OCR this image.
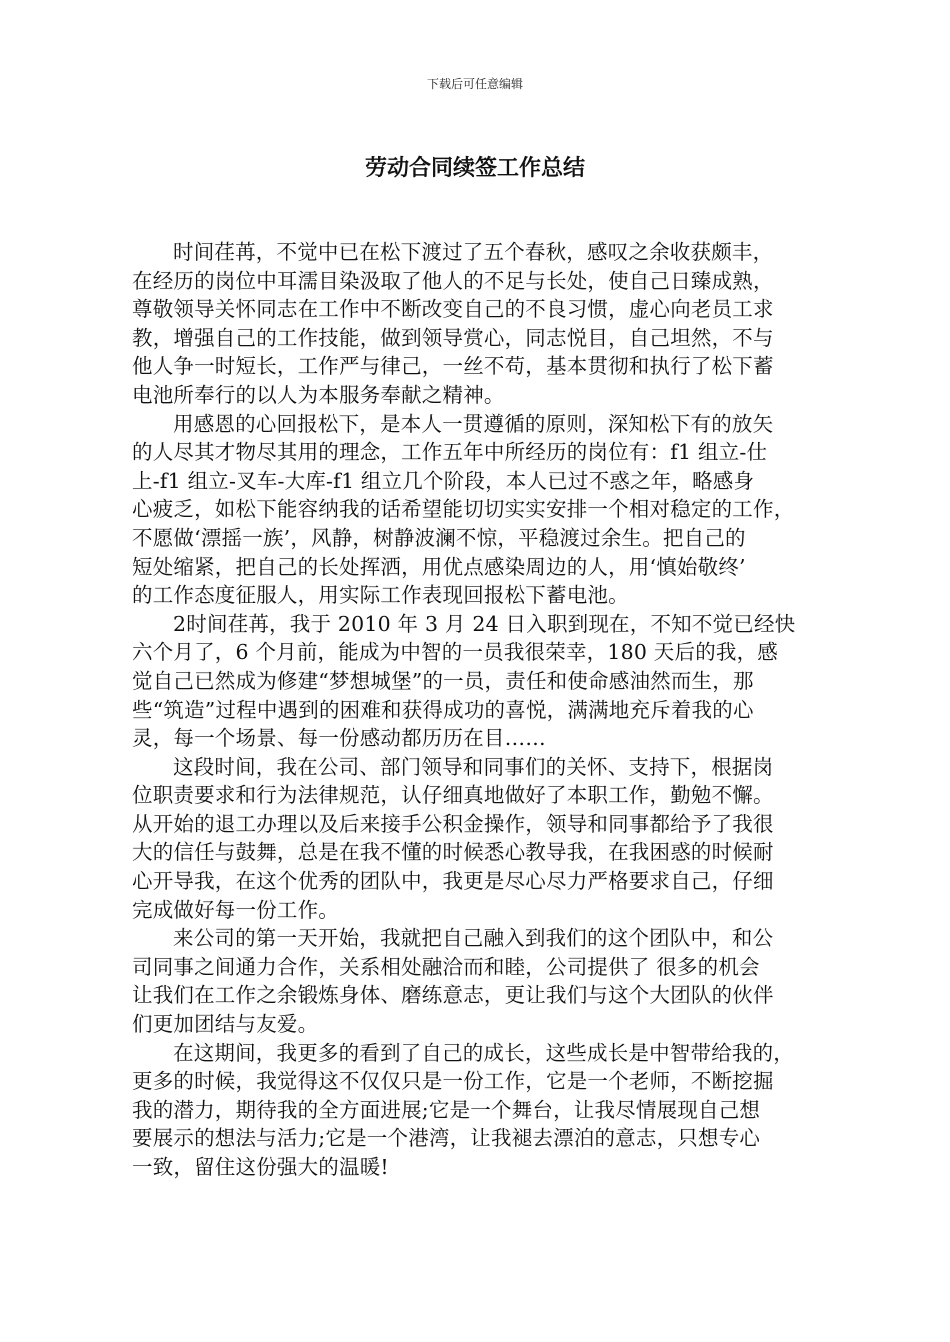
下载后可任意编辑
劳动合同续签工作总结
时间荏苒，不觉中已在松下渡过了五个春秋，感叹之余收获颇丰，
在经历的岗位中耳濡目染汲取了他人的不足与长处，使自己日臻成熟，
尊敬领导关怀同志在工作中不断改变自己的不良习惯，虚心向老员工求
教，增强自己的工作技能，做到领导赏心，同志悦目，自己坦然，不与
他人争一时短长，工作严与律己，一丝不苟，基本贯彻和执行了松下蓄
电池所奉行的以人为本服务奉献之精神。
用感恩的心回报松下，是本人一贯遵循的原则，深知松下有的放矢
的人尽其才物尽其用的理念，工作五年中所经历的岗位有：f1 组立-仕
上-f1 组立-叉车-大库-f1 组立几个阶段，本人已过不惑之年，略感身
心疲乏，如松下能容纳我的话希望能切切实实安排一个相对稳定的工作，
不愿做‘漂摇一族’，风静，树静波澜不惊，平稳渡过余生。把自己的
短处缩紧，把自己的长处挥洒，用优点感染周边的人，用‘慎始敬终’
的工作态度征服人，用实际工作表现回报松下蓄电池。
2时间荏苒，我于 2010 年 3 月 24 日入职到现在，不知不觉已经快
六个月了，6 个月前，能成为中智的一员我很荣幸，180 天后的我，感
觉自己已然成为修建“梦想城堡”的一员，责任和使命感油然而生，那
些“筑造”过程中遇到的困难和获得成功的喜悦，满满地充斥着我的心
灵，每一个场景、每一份感动都历历在目……
这段时间，我在公司、部门领导和同事们的关怀、支持下，根据岗
位职责要求和行为法律规范，认仔细真地做好了本职工作，勤勉不懈。
从开始的退工办理以及后来接手公积金操作，领导和同事都给予了我很
大的信任与鼓舞，总是在我不懂的时候悉心教导我，在我困惑的时候耐
心开导我，在这个优秀的团队中，我更是尽心尽力严格要求自己，仔细
完成做好每一份工作。
来公司的第一天开始，我就把自己融入到我们的这个团队中，和公
司同事之间通力合作，关系相处融洽而和睦，公司提供了 很多的机会
让我们在工作之余锻炼身体、磨练意志，更让我们与这个大团队的伙伴
们更加团结与友爱。
在这期间，我更多的看到了自己的成长，这些成长是中智带给我的，
更多的时候，我觉得这不仅仅只是一份工作，它是一个老师，不断挖掘
我的潜力，期待我的全方面进展;它是一个舞台，让我尽情展现自己想
要展示的想法与活力;它是一个港湾，让我褪去漂泊的意志，只想专心
一致，留住这份强大的温暖!
